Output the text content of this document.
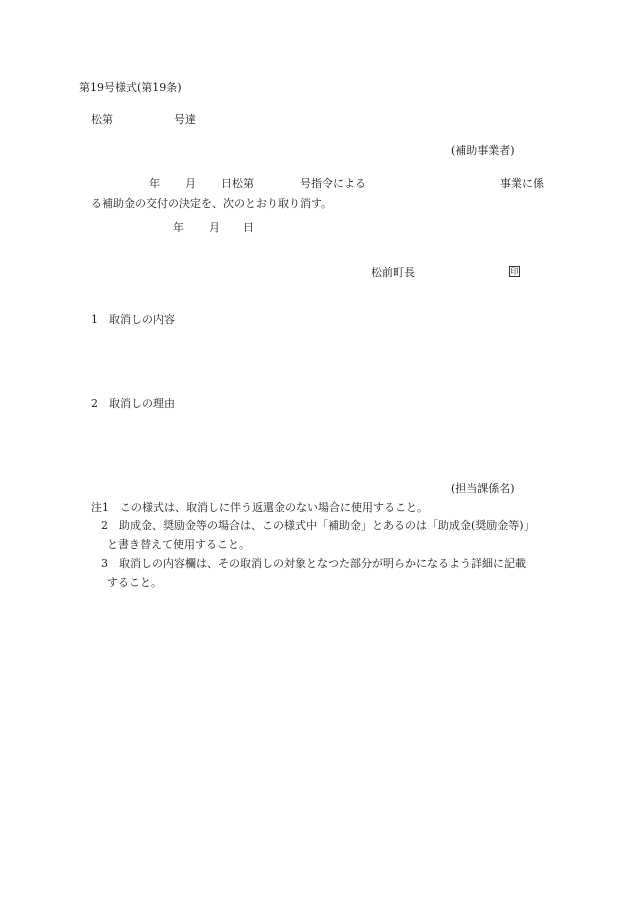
第19号様式(第19条)
松第	号達
(補助事業者)
年 月 日松第	号指令による	事業に係
る補助金の交付の決定を、次のとおり取り消す。
年 月 日
松前町長	印
1　取消しの内容
2　取消しの理由
(担当課係名)
注1　この様式は、取消しに伴う返還金のない場合に使用すること。
2　助成金、奨励金等の場合は、この様式中「補助金」とあるのは「助成金(奨励金等)」
と書き替えて使用すること。
3　取消しの内容欄は、その取消しの対象となつた部分が明らかになるよう詳細に記載
すること。
